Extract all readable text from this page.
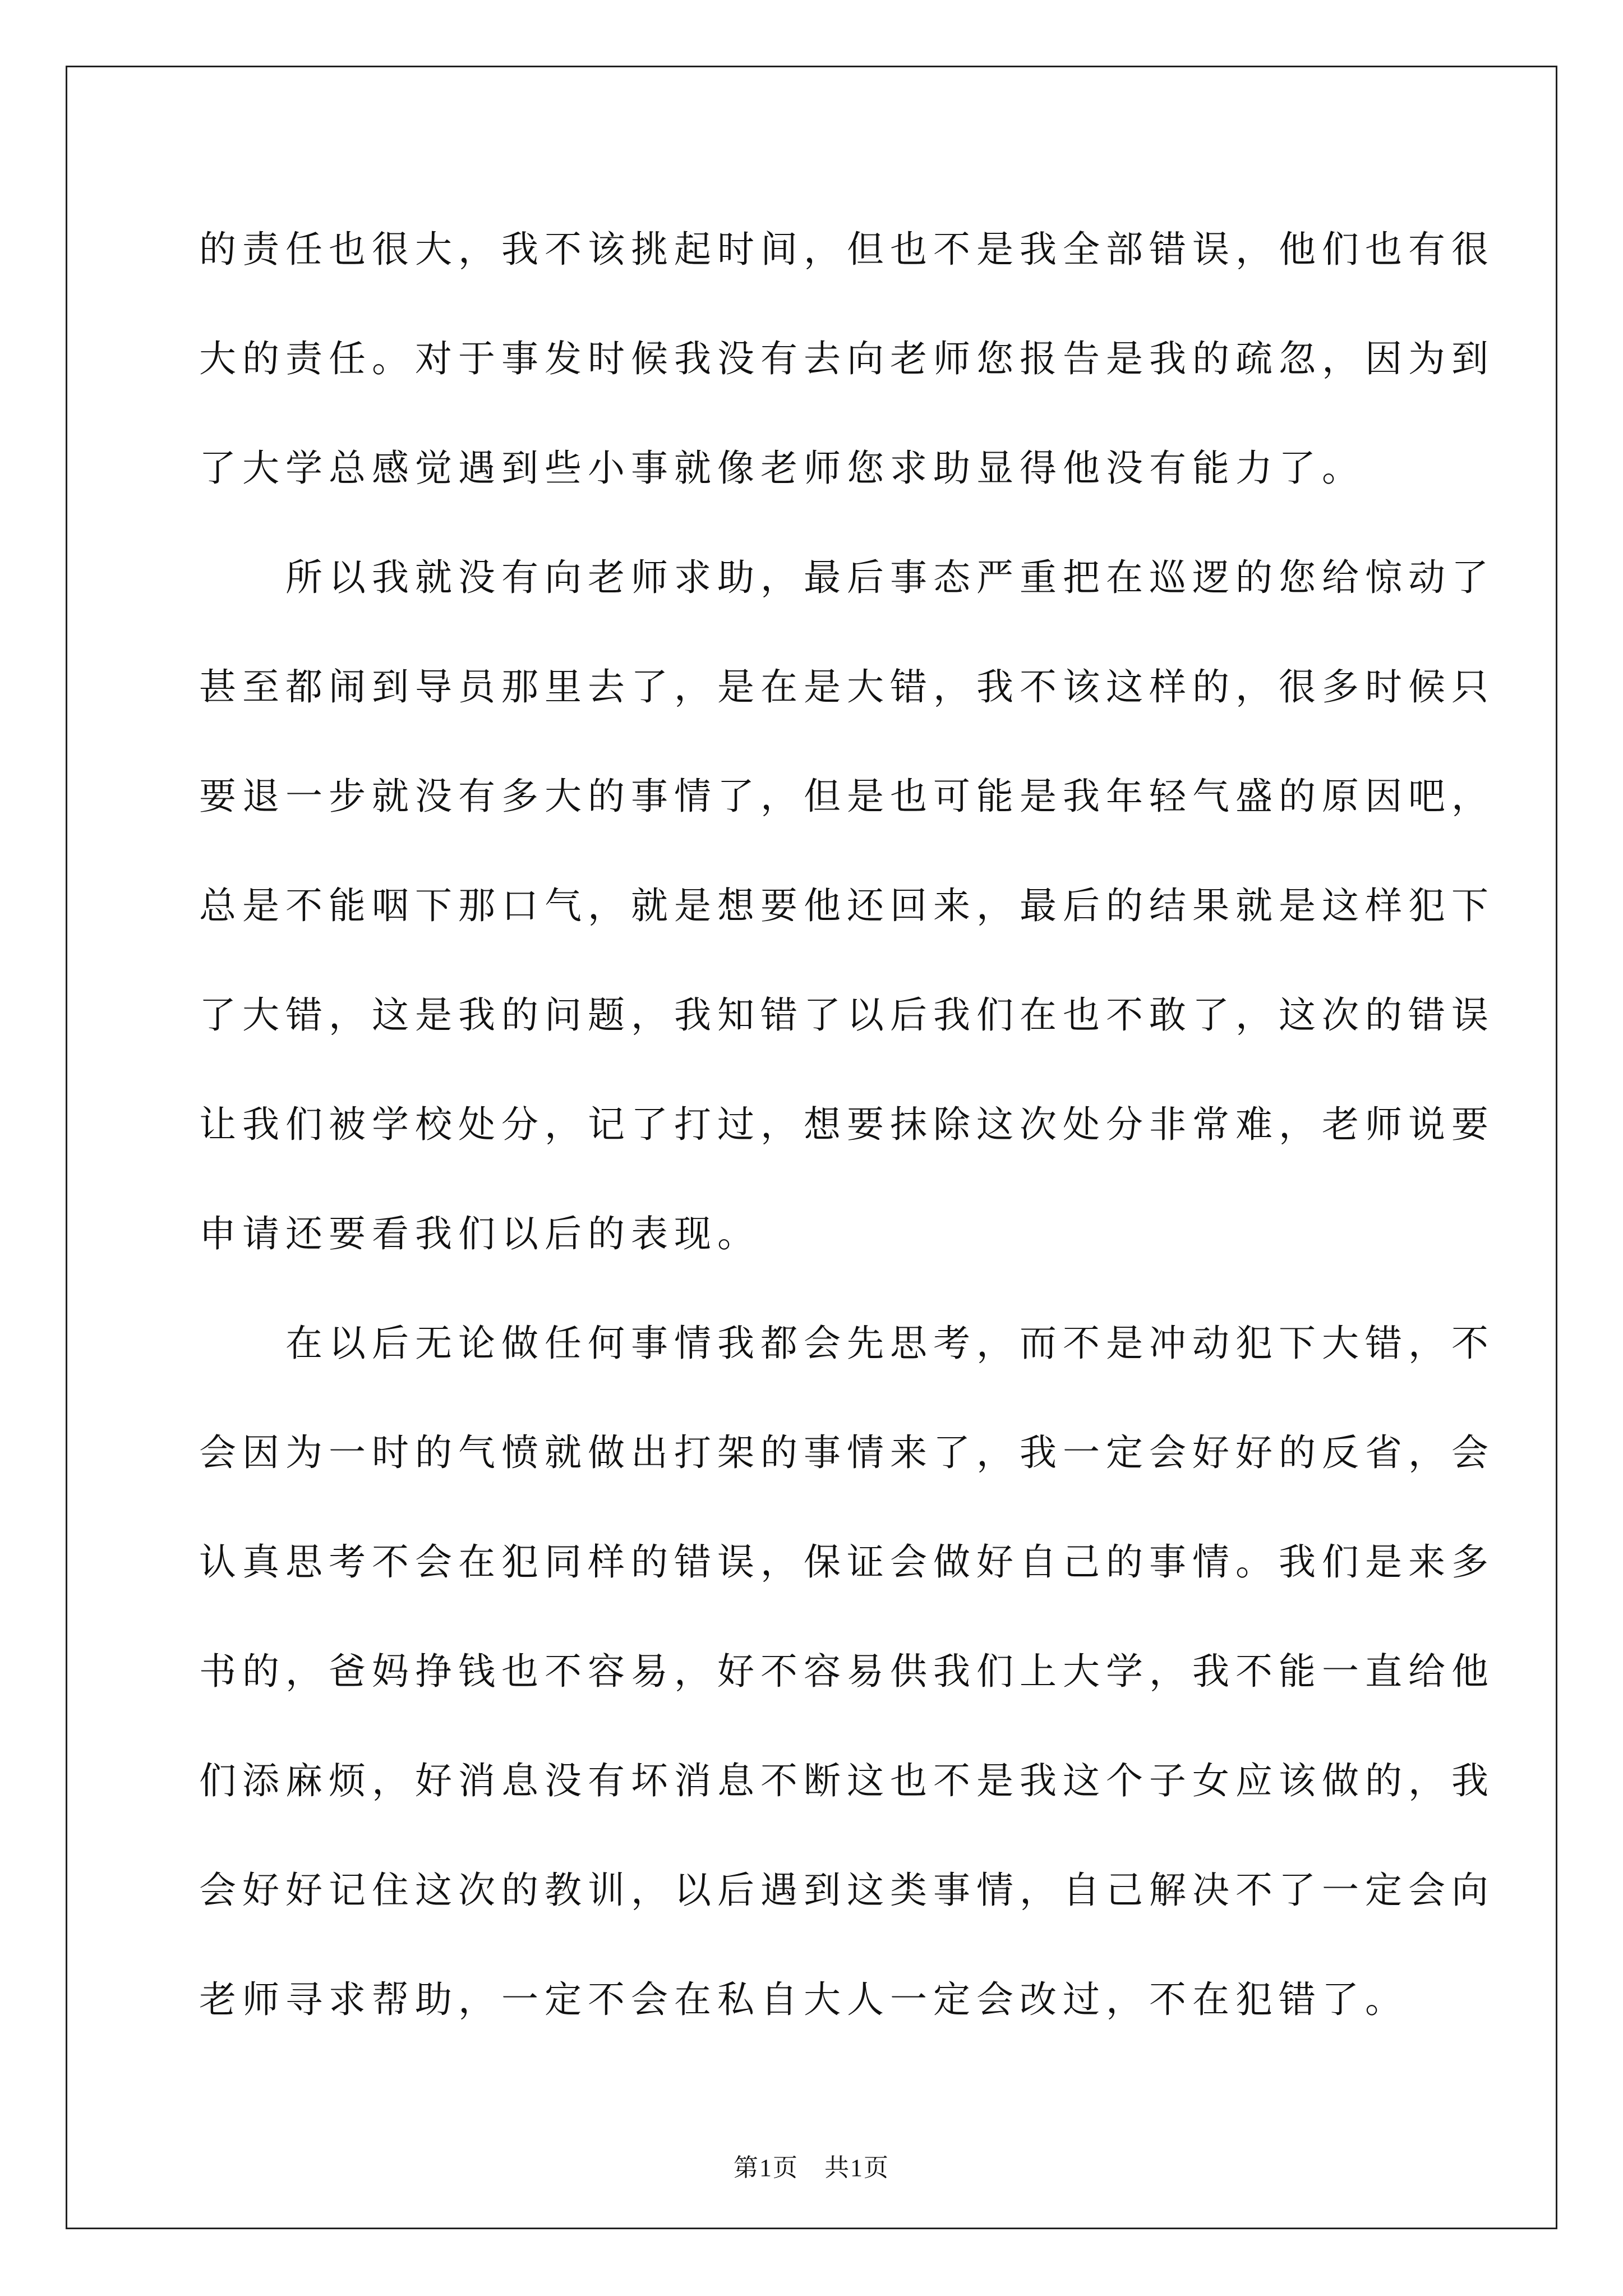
的责任也很大，我不该挑起时间，但也不是我全部错误，他们也有很

大的责任。对于事发时候我没有去向老师您报告是我的疏忽，因为到

了大学总感觉遇到些小事就像老师您求助显得他没有能力了。

　　所以我就没有向老师求助，最后事态严重把在巡逻的您给惊动了

甚至都闹到导员那里去了，是在是大错，我不该这样的，很多时候只

要退一步就没有多大的事情了，但是也可能是我年轻气盛的原因吧，

总是不能咽下那口气，就是想要他还回来，最后的结果就是这样犯下

了大错，这是我的问题，我知错了以后我们在也不敢了，这次的错误

让我们被学校处分，记了打过，想要抹除这次处分非常难，老师说要

申请还要看我们以后的表现。

　　在以后无论做任何事情我都会先思考，而不是冲动犯下大错，不

会因为一时的气愤就做出打架的事情来了，我一定会好好的反省，会

认真思考不会在犯同样的错误，保证会做好自己的事情。我们是来多

书的，爸妈挣钱也不容易，好不容易供我们上大学，我不能一直给他

们添麻烦，好消息没有坏消息不断这也不是我这个子女应该做的，我

会好好记住这次的教训，以后遇到这类事情，自己解决不了一定会向

老师寻求帮助，一定不会在私自大人一定会改过，不在犯错了。

第1页 共1页
